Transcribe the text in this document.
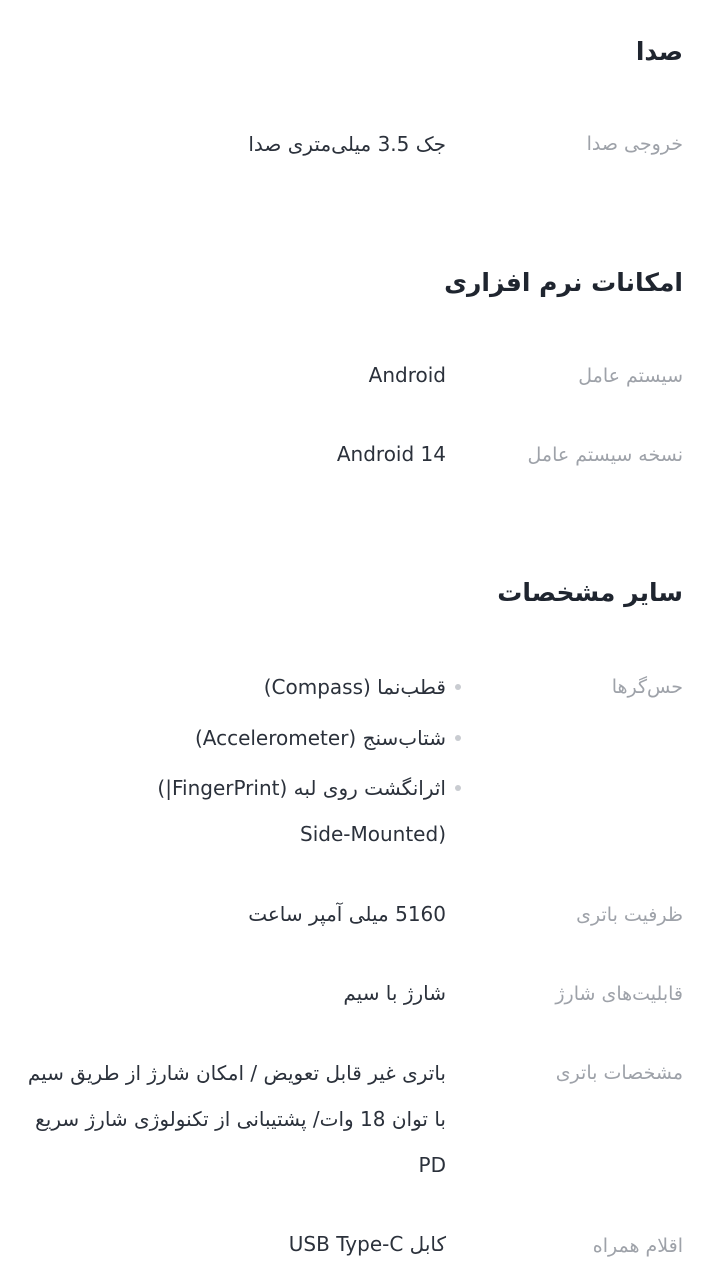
صدا
خروجی صدا
جک 3.5 میلی‌متری صدا
امکانات نرم افزاری
سیستم عامل
Android
نسخه سیستم عامل
Android 14
سایر مشخصات
حس‌گرها
قطب‌نما (Compass)
شتاب‌سنج (Accelerometer)
اثرانگشت روی لبه (FingerPrint|) (Side-Mounted
ظرفیت باتری
5160 میلی آمپر ساعت
قابلیت‌های شارژ
شارژ با سیم
مشخصات باتری
باتری غیر قابل تعویض / امکان شارژ از طریق سیم با توان 18 وات/ پشتیبانی از تکنولوژی شارژ سریع PD
اقلام همراه
کابل USB Type-C
